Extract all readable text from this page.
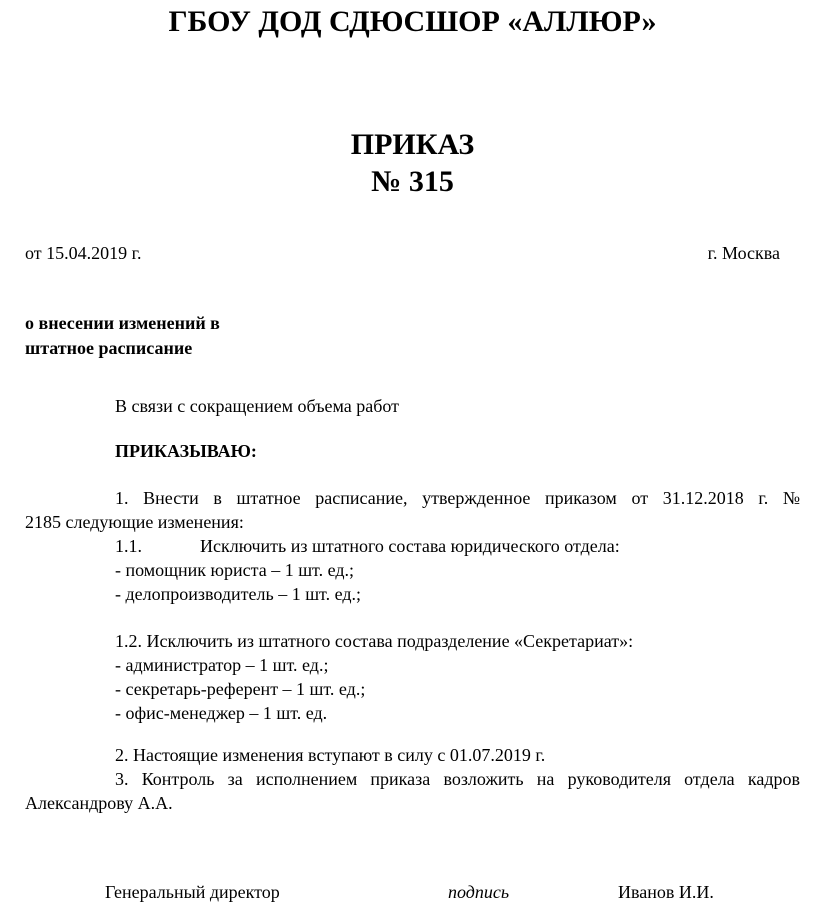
ГБОУ ДОД СДЮСШОР «АЛЛЮР»
ПРИКАЗ
№ 315
от 15.04.2019 г.	г. Москва
о внесении изменений в
штатное расписание
В связи с сокращением объема работ
ПРИКАЗЫВАЮ:
1. Внести в штатное расписание, утвержденное приказом от 31.12.2018 г. №
2185 следующие изменения:
1.1.	Исключить из штатного состава юридического отдела:
- помощник юриста – 1 шт. ед.;
- делопроизводитель – 1 шт. ед.;
1.2. Исключить из штатного состава подразделение «Секретариат»:
- администратор – 1 шт. ед.;
- секретарь-референт – 1 шт. ед.;
- офис-менеджер – 1 шт. ед.
2. Настоящие изменения вступают в силу с 01.07.2019 г.
3. Контроль за исполнением приказа возложить на руководителя отдела кадров
Александрову А.А.
Генеральный директор	подпись	Иванов И.И.
